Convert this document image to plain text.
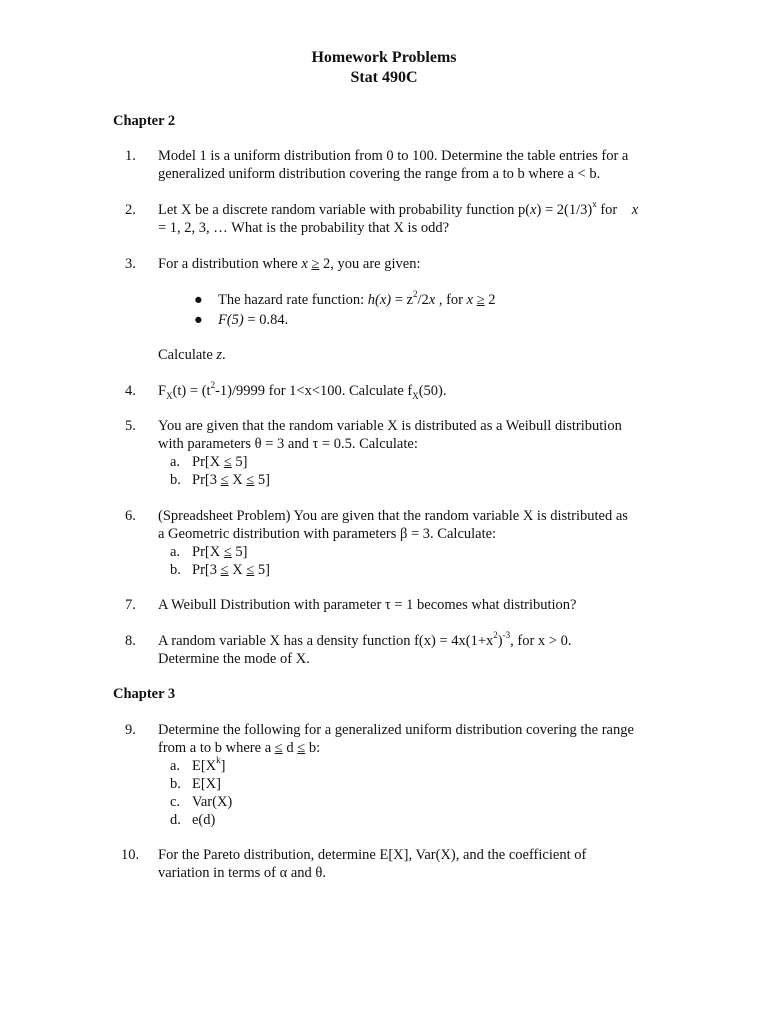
Homework Problems
Stat 490C
Chapter 2
1. Model 1 is a uniform distribution from 0 to 100. Determine the table entries for a
generalized uniform distribution covering the range from a to b where a < b.
2. Let X be a discrete random variable with probability function $p(x) = 2(1/3)^x$ for x
= 1, 2, 3, … What is the probability that X is odd?
3. For a distribution where x ≥ 2, you are given:
● The hazard rate function: $h(x) = z^2/2x$ , for x ≥ 2
● F(5) = 0.84.
Calculate z.
4. $F_X(t) = (t^2-1)/9999$ for 1<x<100. Calculate $f_X(50)$.
5. You are given that the random variable X is distributed as a Weibull distribution
with parameters θ = 3 and τ = 0.5. Calculate:
a. Pr[X ≤ 5]
b. Pr[3 ≤ X ≤ 5]
6. (Spreadsheet Problem) You are given that the random variable X is distributed as
a Geometric distribution with parameters β = 3. Calculate:
a. Pr[X ≤ 5]
b. Pr[3 ≤ X ≤ 5]
7. A Weibull Distribution with parameter τ = 1 becomes what distribution?
8. A random variable X has a density function $f(x) = 4x(1+x^2)^{-3}$, for x > 0.
Determine the mode of X.
Chapter 3
9. Determine the following for a generalized uniform distribution covering the range
from a to b where a ≤ d ≤ b:
a. $E[X^k]$
b. E[X]
c. Var(X)
d. e(d)
10. For the Pareto distribution, determine E[X], Var(X), and the coefficient of
variation in terms of α and θ.
